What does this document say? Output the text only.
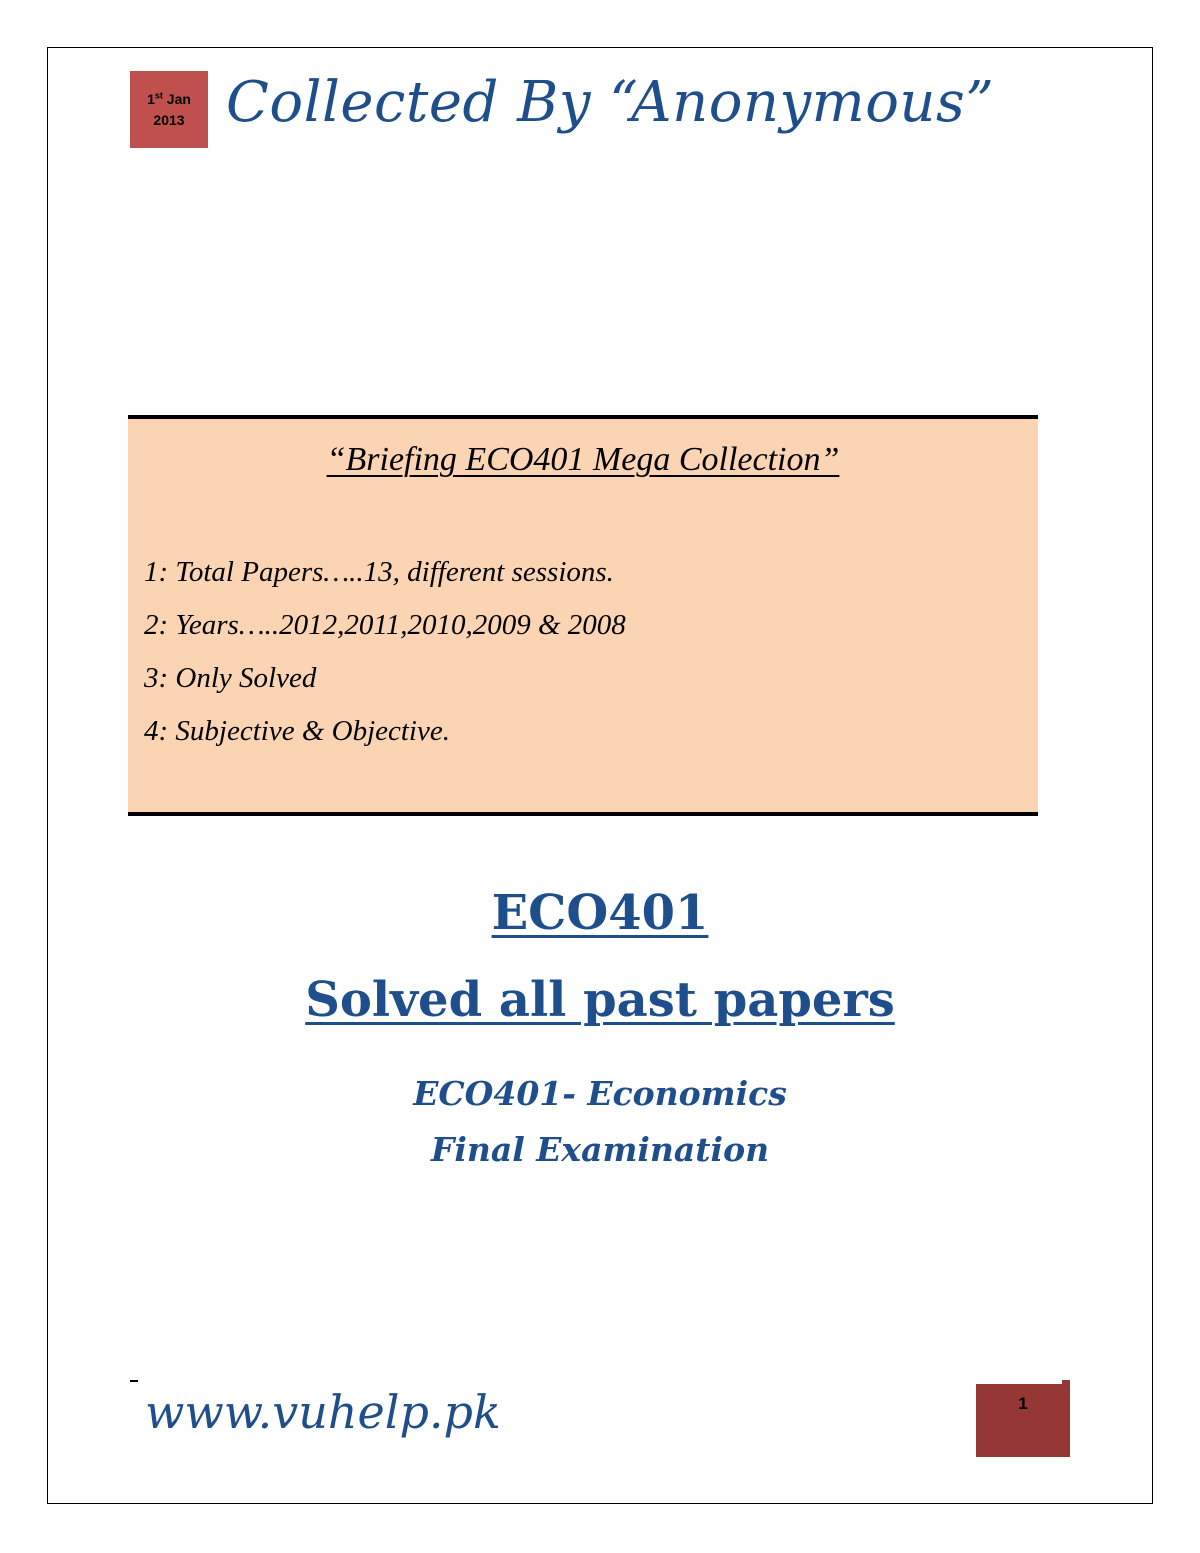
1st Jan
2013 Collected By “Anonymous”
“Briefing ECO401 Mega Collection”
1: Total Papers…..13, different sessions.
2: Years…..2012,2011,2010,2009 & 2008
3: Only Solved
4: Subjective & Objective.
ECO401
Solved all past papers
ECO401- Economics
Final Examination
www.vuhelp.pk	1
